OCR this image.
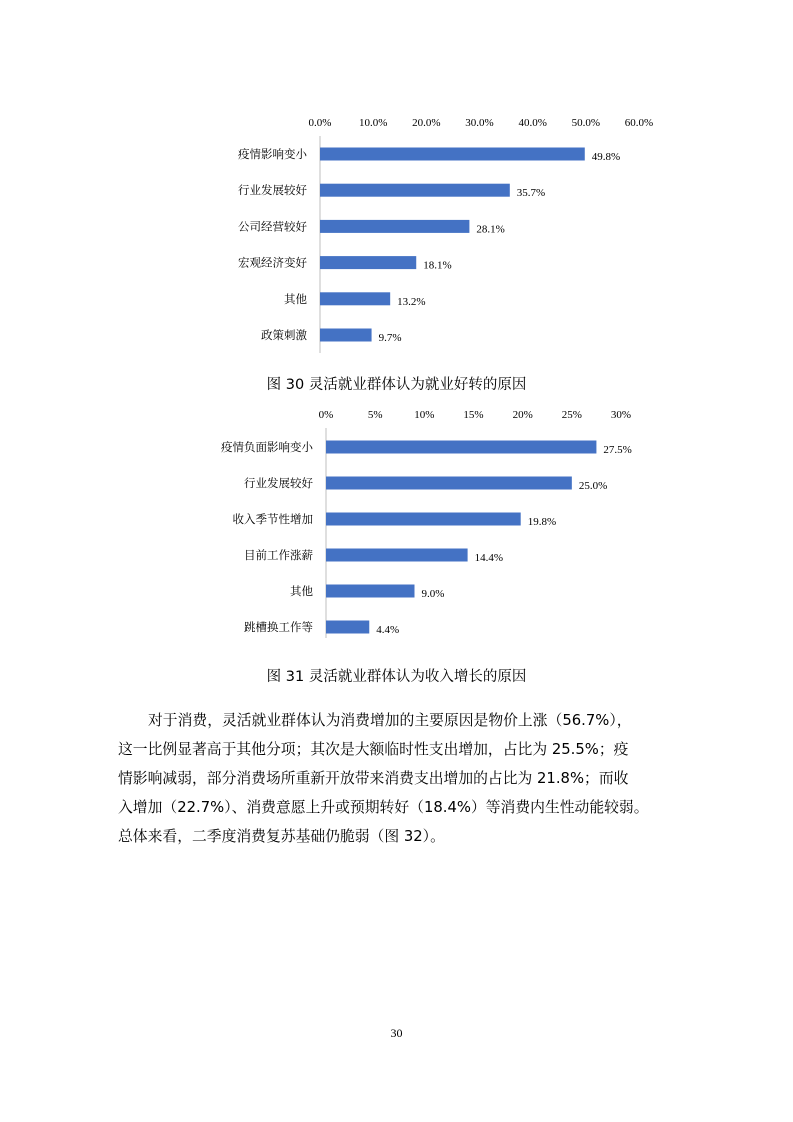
0.0% 10.0% 20.0% 30.0% 40.0% 50.0% 60.0%
疫情影响变小	49.8%
行业发展较好	35.7%
公司经营较好	28.1%
宏观经济变好	18.1%
其他	13.2%
政策刺激	9.7%
图 30 灵活就业群体认为就业好转的原因
0%	5%	10%	15%	20%	25%	30%
疫情负面影响变小	27.5%
行业发展较好	25.0%
收入季节性增加	19.8%
目前工作涨薪	14.4%
其他	9.0%
跳槽换工作等	4.4%
图 31 灵活就业群体认为收入增长的原因
对于消费，灵活就业群体认为消费增加的主要原因是物价上涨（56.7%），
这一比例显著高于其他分项；其次是大额临时性支出增加，占比为 25.5%；疫
情影响减弱，部分消费场所重新开放带来消费支出增加的占比为 21.8%；而收
入增加（22.7%）、消费意愿上升或预期转好（18.4%）等消费内生性动能较弱。
总体来看，二季度消费复苏基础仍脆弱（图 32）。
30
